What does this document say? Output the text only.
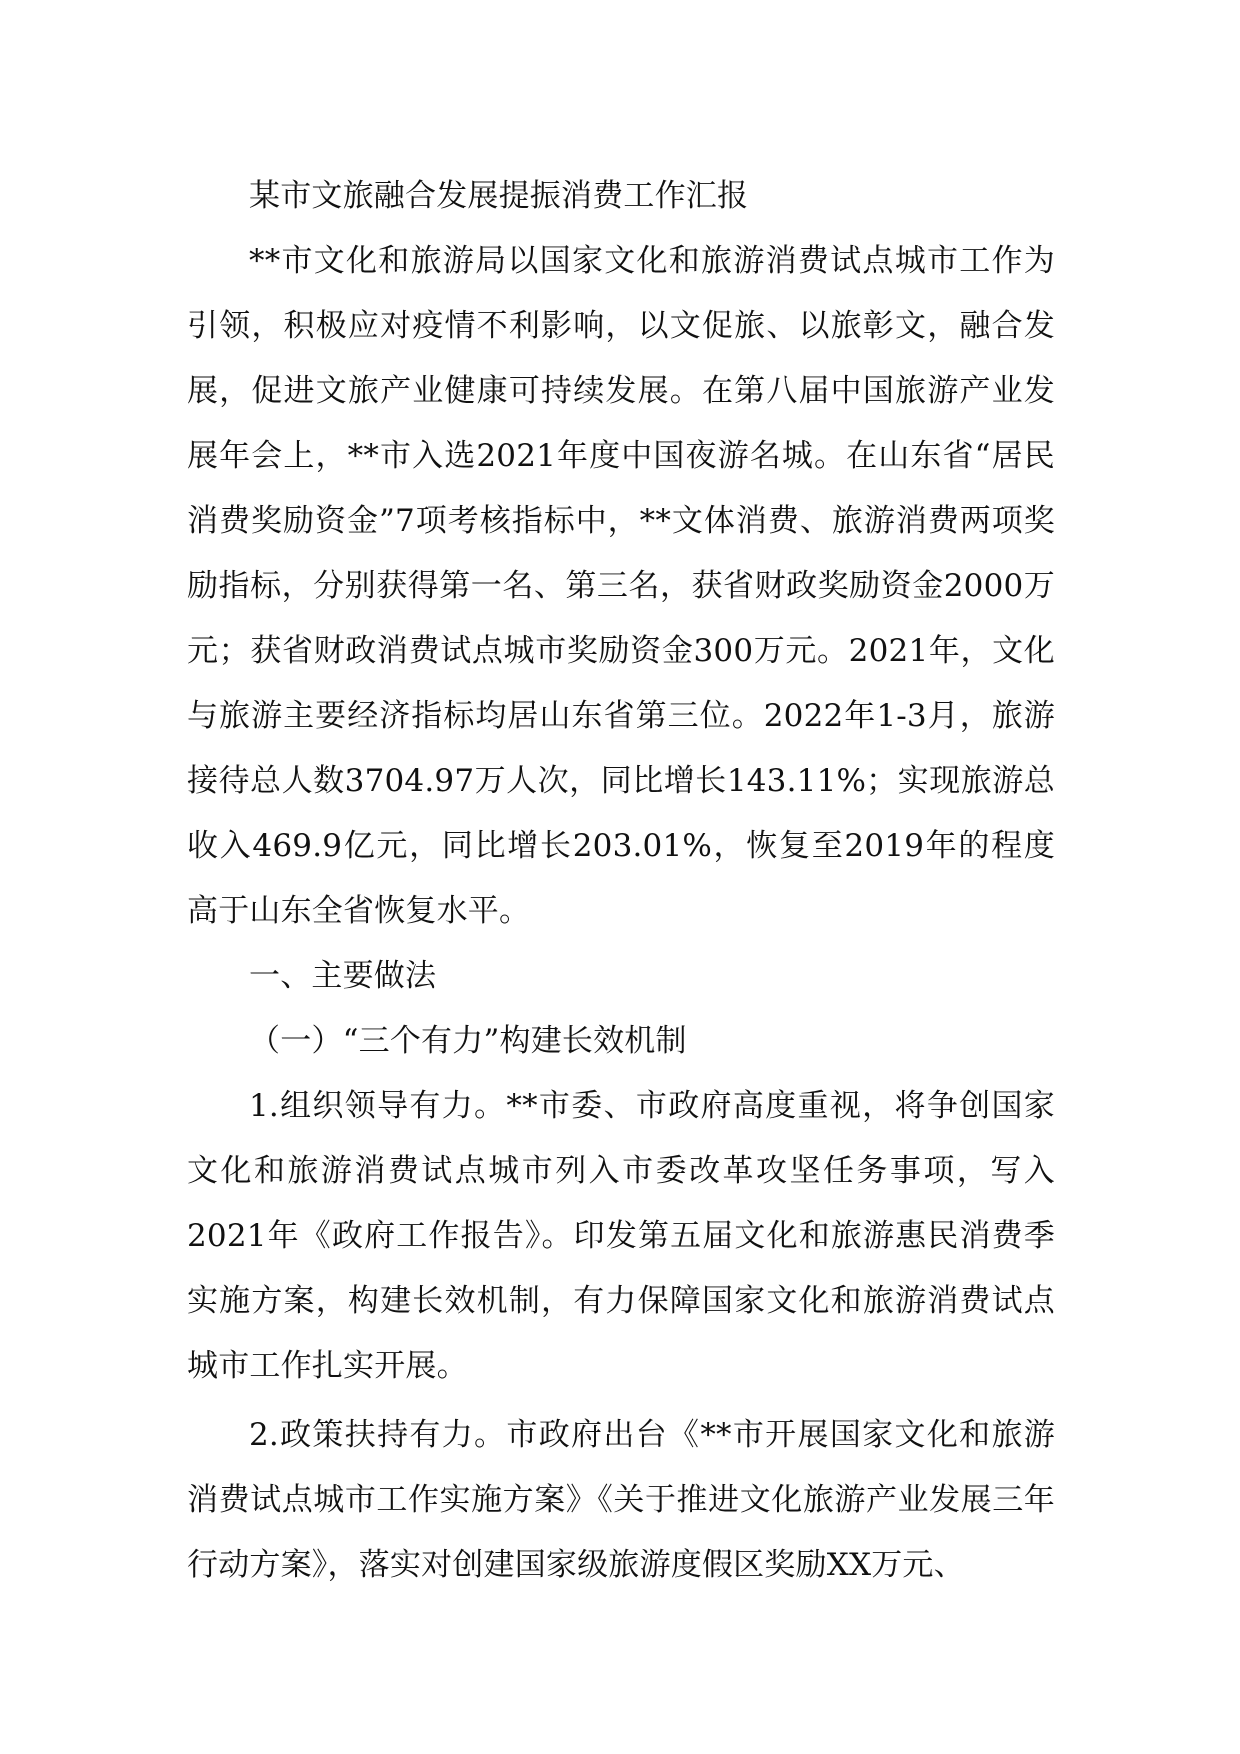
某市文旅融合发展提振消费工作汇报

**市文化和旅游局以国家文化和旅游消费试点城市工作为引领，积极应对疫情不利影响，以文促旅、以旅彰文，融合发展，促进文旅产业健康可持续发展。在第八届中国旅游产业发展年会上，**市入选2021年度中国夜游名城。在山东省“居民消费奖励资金”7项考核指标中，**文体消费、旅游消费两项奖励指标，分别获得第一名、第三名，获省财政奖励资金2000万元；获省财政消费试点城市奖励资金300万元。2021年，文化与旅游主要经济指标均居山东省第三位。2022年1-3月，旅游接待总人数3704.97万人次，同比增长143.11%；实现旅游总收入469.9亿元，同比增长203.01%，恢复至2019年的程度高于山东全省恢复水平。

一、主要做法

（一）“三个有力”构建长效机制

1.组织领导有力。**市委、市政府高度重视，将争创国家文化和旅游消费试点城市列入市委改革攻坚任务事项，写入2021年《政府工作报告》。印发第五届文化和旅游惠民消费季实施方案，构建长效机制，有力保障国家文化和旅游消费试点城市工作扎实开展。

2.政策扶持有力。市政府出台《**市开展国家文化和旅游消费试点城市工作实施方案》《关于推进文化旅游产业发展三年行动方案》，落实对创建国家级旅游度假区奖励XX万元、
